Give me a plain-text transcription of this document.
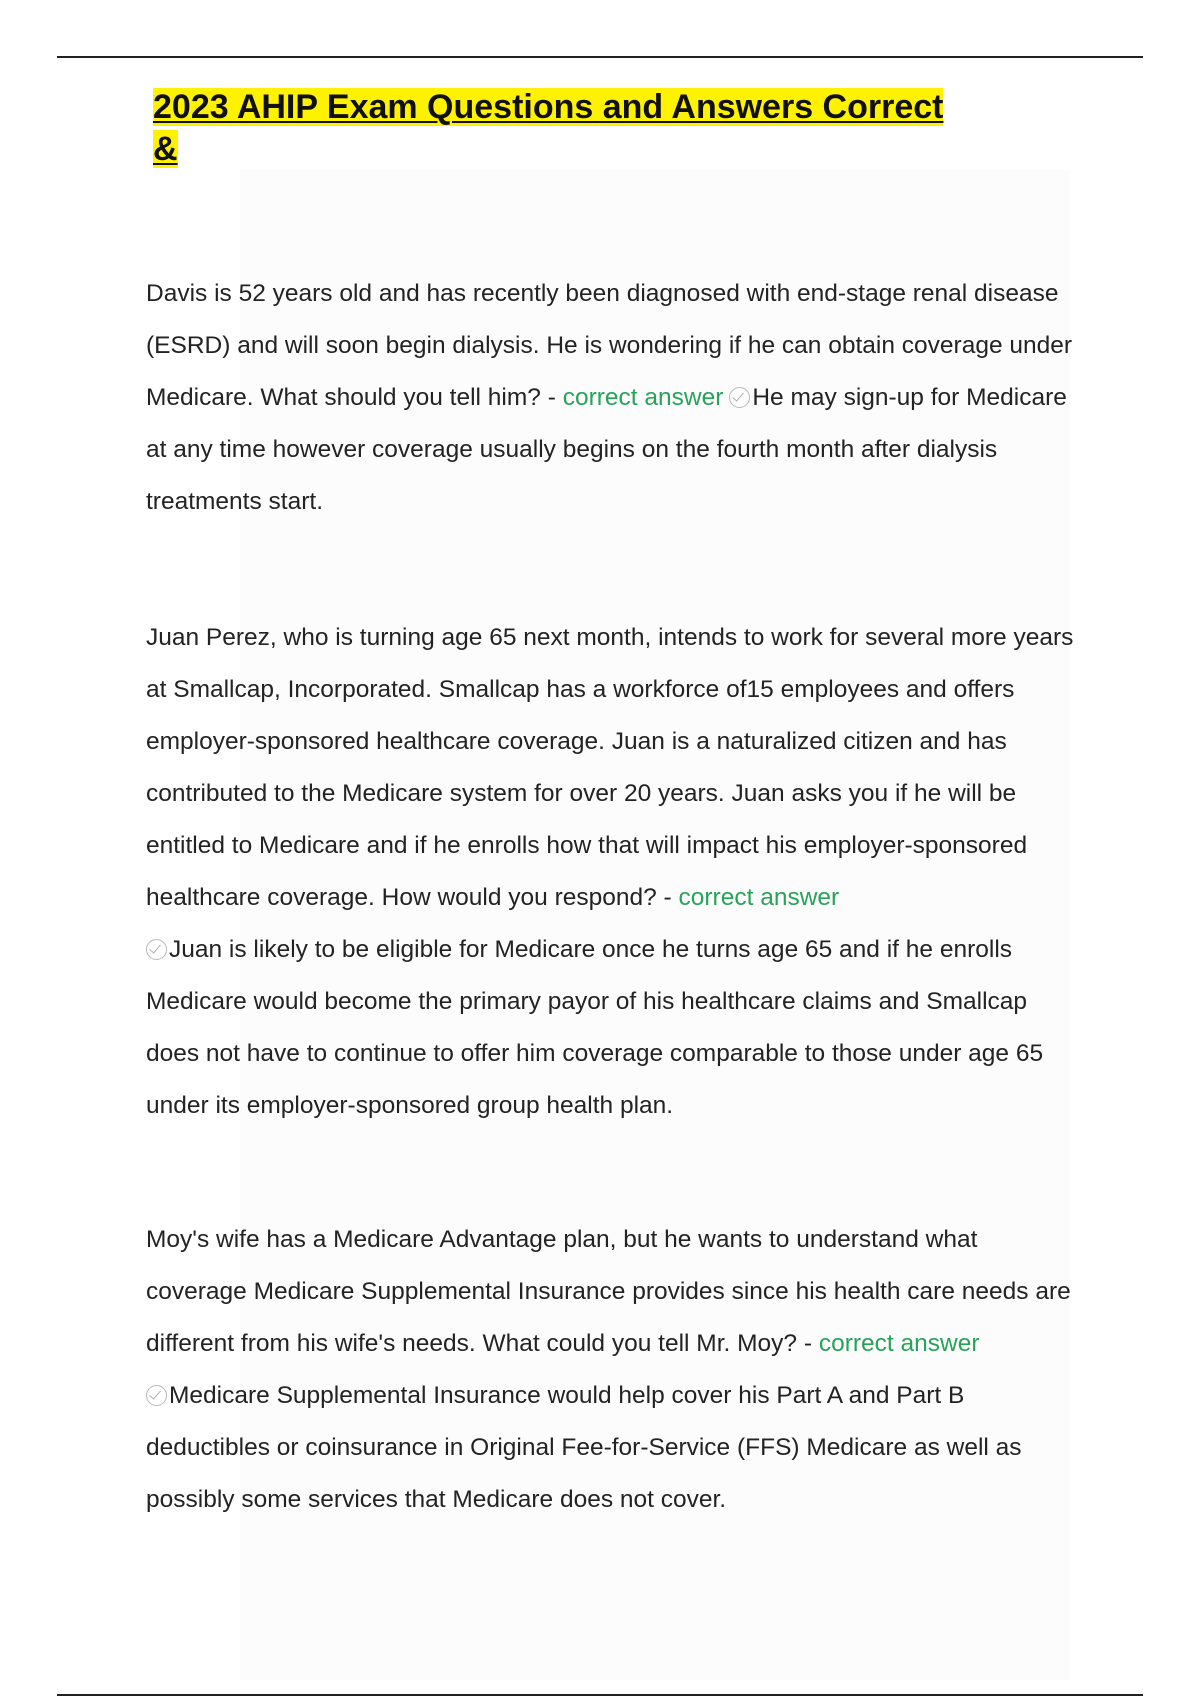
2023 AHIP Exam Questions and Answers Correct
&

Davis is 52 years old and has recently been diagnosed with end-stage renal disease (ESRD) and will soon begin dialysis. He is wondering if he can obtain coverage under Medicare. What should you tell him? - correct answer He may sign-up for Medicare at any time however coverage usually begins on the fourth month after dialysis treatments start.

Juan Perez, who is turning age 65 next month, intends to work for several more years at Smallcap, Incorporated. Smallcap has a workforce of15 employees and offers employer-sponsored healthcare coverage. Juan is a naturalized citizen and has contributed to the Medicare system for over 20 years. Juan asks you if he will be entitled to Medicare and if he enrolls how that will impact his employer-sponsored healthcare coverage. How would you respond? - correct answer
Juan is likely to be eligible for Medicare once he turns age 65 and if he enrolls Medicare would become the primary payor of his healthcare claims and Smallcap does not have to continue to offer him coverage comparable to those under age 65 under its employer-sponsored group health plan.

Moy's wife has a Medicare Advantage plan, but he wants to understand what coverage Medicare Supplemental Insurance provides since his health care needs are different from his wife's needs. What could you tell Mr. Moy? - correct answer
Medicare Supplemental Insurance would help cover his Part A and Part B deductibles or coinsurance in Original Fee-for-Service (FFS) Medicare as well as possibly some services that Medicare does not cover.
